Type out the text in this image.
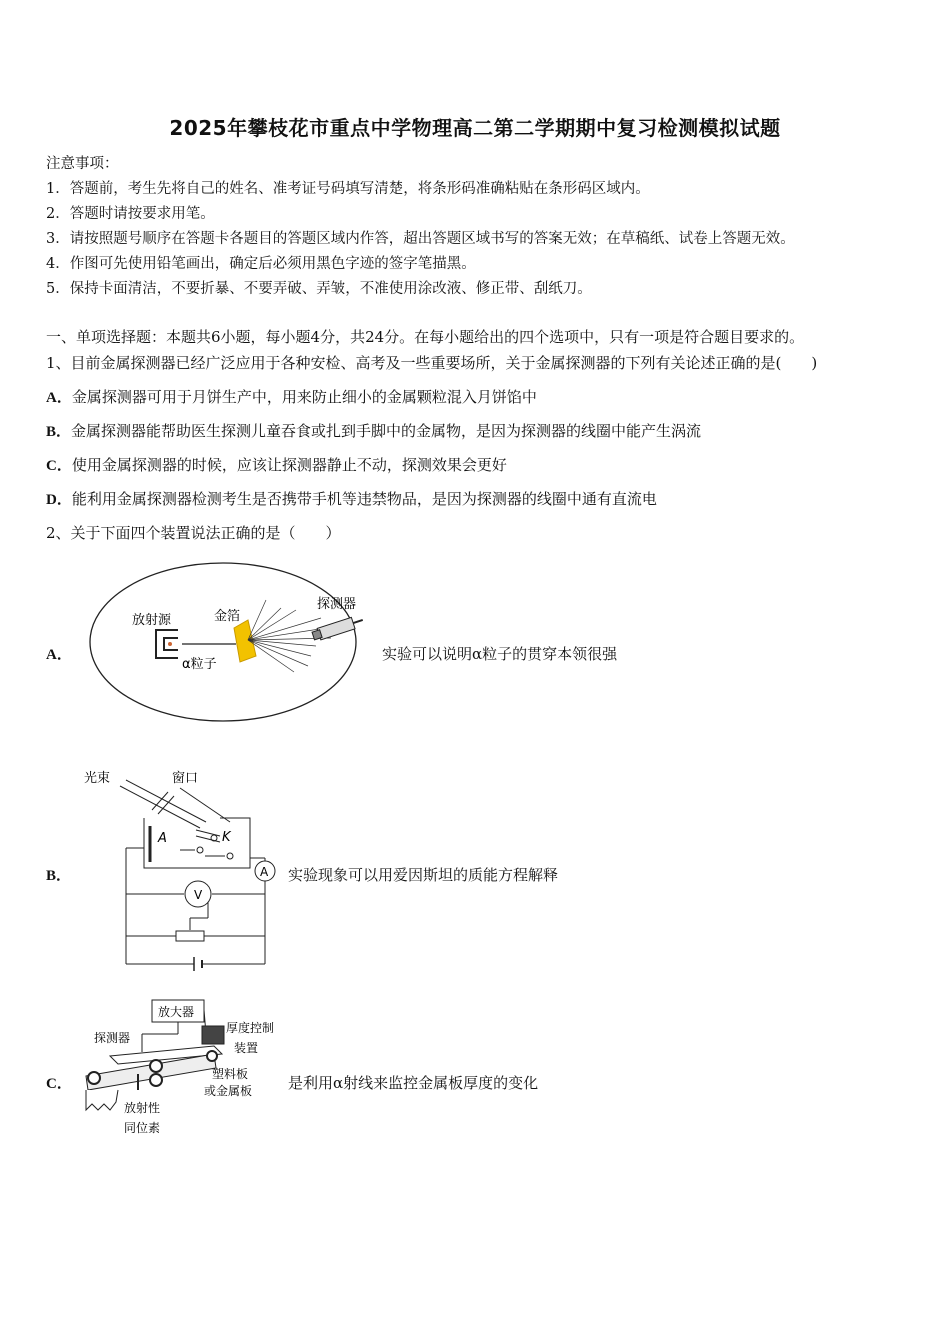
2025年攀枝花市重点中学物理高二第二学期期中复习检测模拟试题
注意事项：
1．答题前，考生先将自己的姓名、准考证号码填写清楚，将条形码准确粘贴在条形码区域内。
2．答题时请按要求用笔。
3．请按照题号顺序在答题卡各题目的答题区域内作答，超出答题区域书写的答案无效；在草稿纸、试卷上答题无效。
4．作图可先使用铅笔画出，确定后必须用黑色字迹的签字笔描黑。
5．保持卡面清洁，不要折暴、不要弄破、弄皱，不准使用涂改液、修正带、刮纸刀。
一、单项选择题：本题共6小题，每小题4分，共24分。在每小题给出的四个选项中，只有一项是符合题目要求的。
1、目前金属探测器已经广泛应用于各种安检、高考及一些重要场所，关于金属探测器的下列有关论述正确的是(　　)
A．金属探测器可用于月饼生产中，用来防止细小的金属颗粒混入月饼馅中
B．金属探测器能帮助医生探测儿童吞食或扎到手脚中的金属物，是因为探测器的线圈中能产生涡流
C．使用金属探测器的时候，应该让探测器静止不动，探测效果会更好
D．能利用金属探测器检测考生是否携带手机等违禁物品，是因为探测器的线圈中通有直流电
2、关于下面四个装置说法正确的是（　　）
A．
放射源	金箔
探测器
α粒子
实验可以说明α粒子的贯穿本领很强
B．
光束	窗口
A	K
A
V
实验现象可以用爱因斯坦的质能方程解释
C．
放大器
探测器
厚度控制
装置
塑料板
或金属板
放射性
同位素
是利用α射线来监控金属板厚度的变化
